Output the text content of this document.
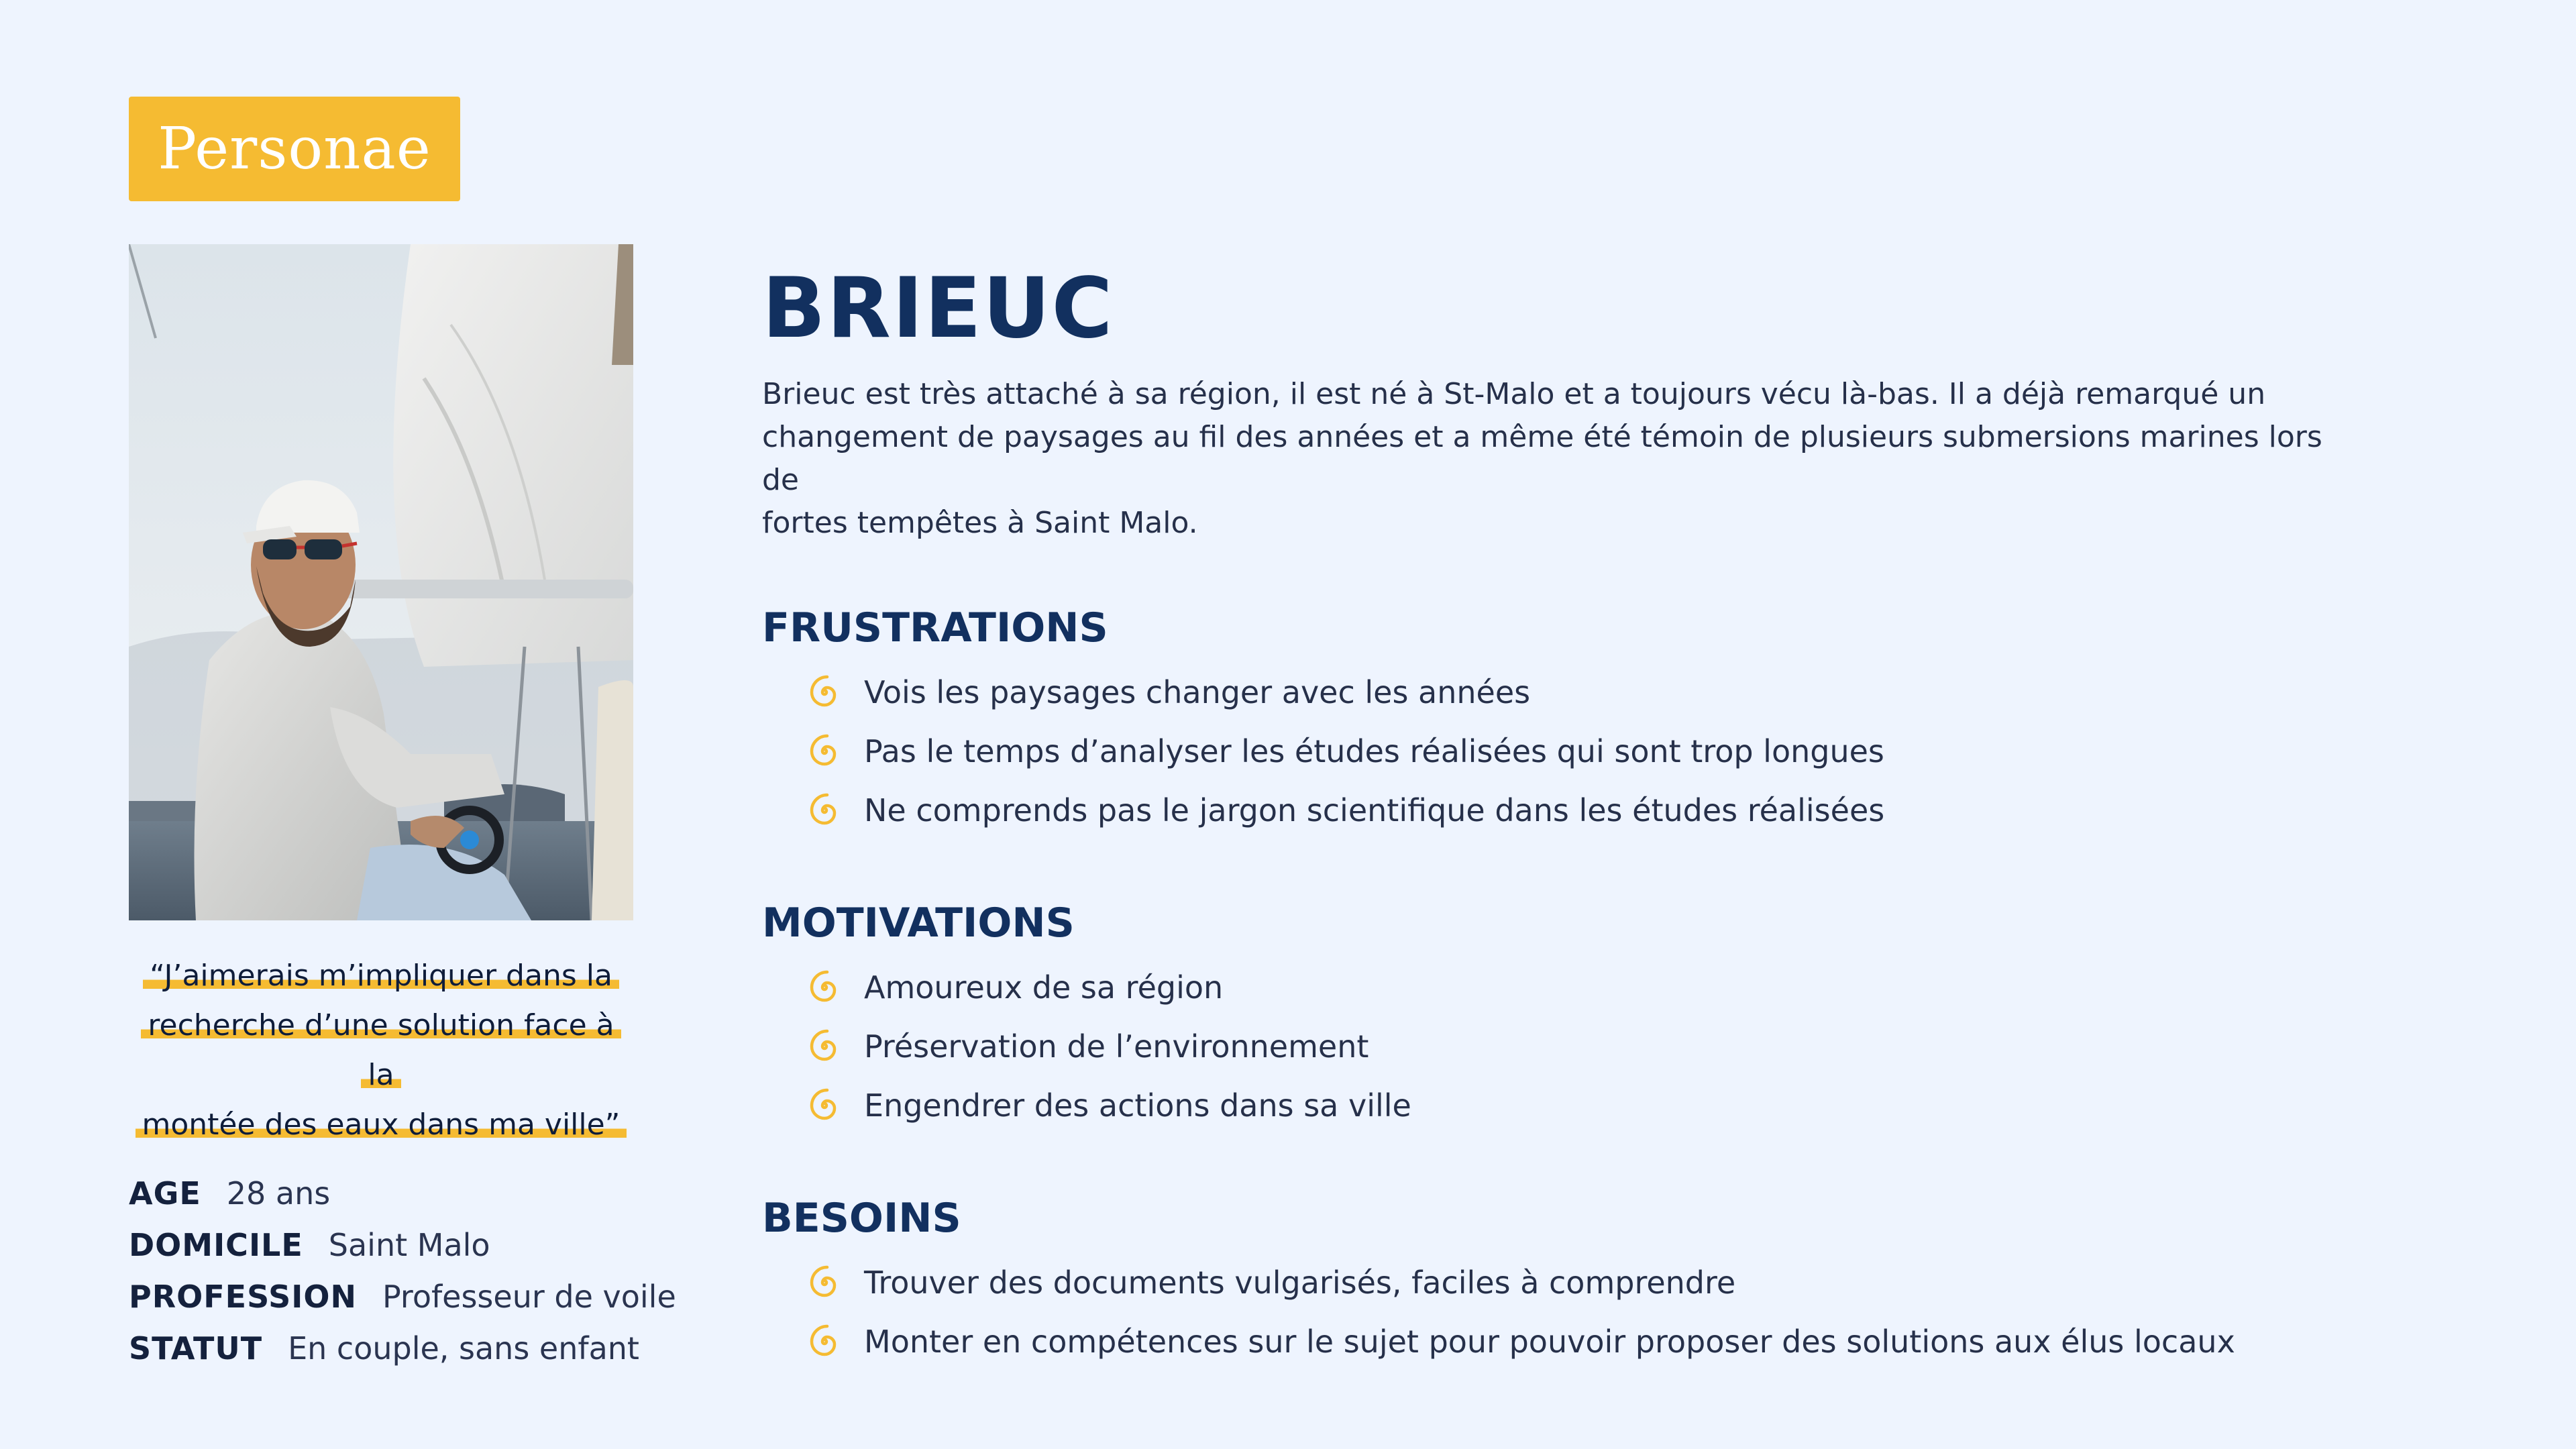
Personae
“J’aimerais m’impliquer dans la
recherche d’une solution face à la
montée des eaux dans ma ville”
AGE 28 ans
DOMICILE Saint Malo
PROFESSION Professeur de voile
STATUT En couple, sans enfant
BRIEUC
Brieuc est très attaché à sa région, il est né à St-Malo et a toujours vécu là-bas. Il a déjà remarqué un
changement de paysages au fil des années et a même été témoin de plusieurs submersions marines lors de
fortes tempêtes à Saint Malo.
FRUSTRATIONS
Vois les paysages changer avec les années
Pas le temps d’analyser les études réalisées qui sont trop longues
Ne comprends pas le jargon scientifique dans les études réalisées
MOTIVATIONS
Amoureux de sa région
Préservation de l’environnement
Engendrer des actions dans sa ville
BESOINS
Trouver des documents vulgarisés, faciles à comprendre
Monter en compétences sur le sujet pour pouvoir proposer des solutions aux élus locaux
